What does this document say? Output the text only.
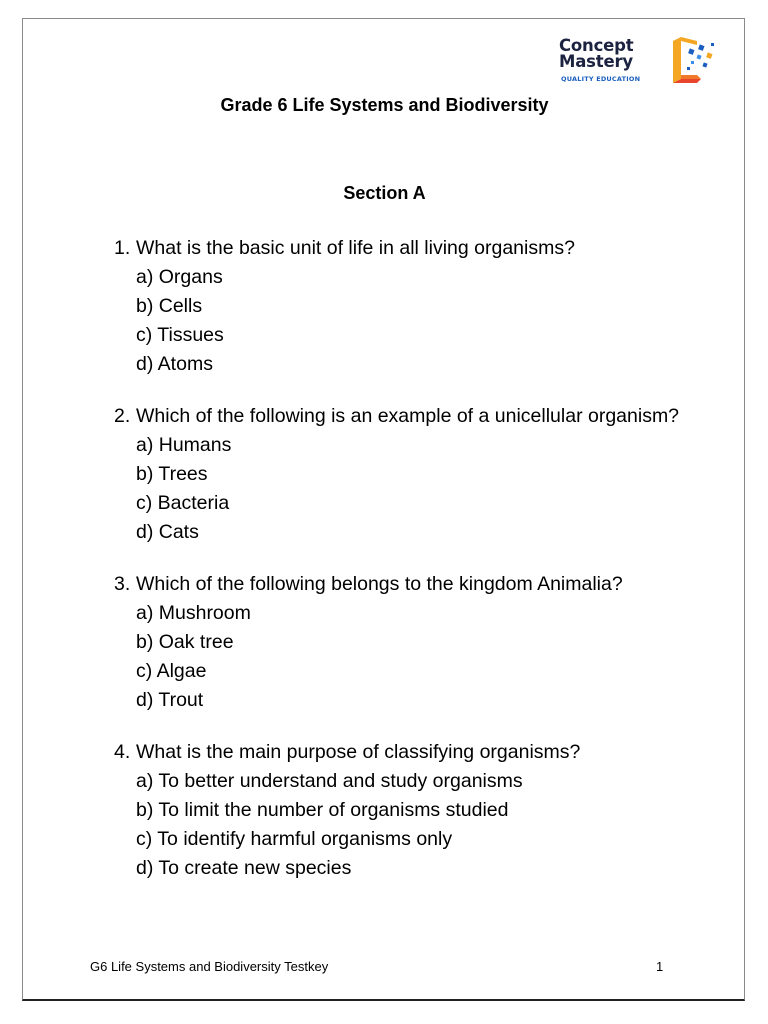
Concept
Mastery
QUALITY EDUCATION
Grade 6 Life Systems and Biodiversity
Section A
1. What is the basic unit of life in all living organisms?
a) Organs
b) Cells
c) Tissues
d) Atoms
2. Which of the following is an example of a unicellular organism?
a) Humans
b) Trees
c) Bacteria
d) Cats
3. Which of the following belongs to the kingdom Animalia?
a) Mushroom
b) Oak tree
c) Algae
d) Trout
4. What is the main purpose of classifying organisms?
a) To better understand and study organisms
b) To limit the number of organisms studied
c) To identify harmful organisms only
d) To create new species
G6 Life Systems and Biodiversity Testkey	1
